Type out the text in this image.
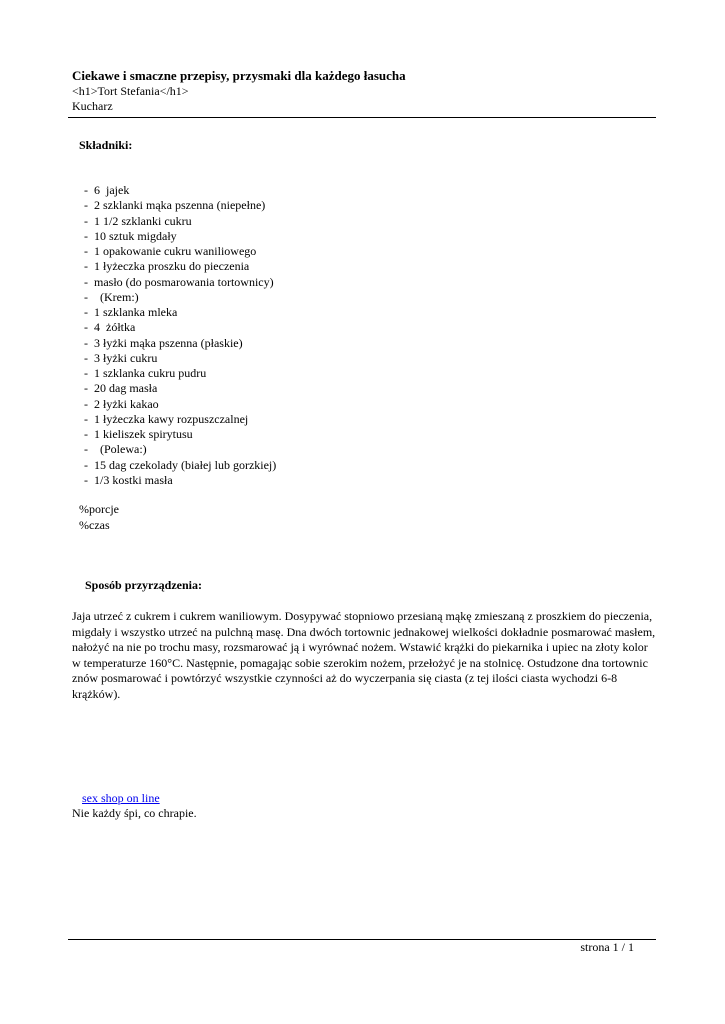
Ciekawe i smaczne przepisy, przysmaki dla każdego łasucha
<h1>Tort Stefania</h1>
Kucharz
Składniki:
-  6  jajek
-  2 szklanki mąka pszenna (niepełne)
-  1 1/2 szklanki cukru
-  10 sztuk migdały
-  1 opakowanie cukru waniliowego
-  1 łyżeczka proszku do pieczenia
-  masło (do posmarowania tortownicy)
-    (Krem:)
-  1 szklanka mleka
-  4  żółtka
-  3 łyżki mąka pszenna (płaskie)
-  3 łyżki cukru
-  1 szklanka cukru pudru
-  20 dag masła
-  2 łyżki kakao
-  1 łyżeczka kawy rozpuszczalnej
-  1 kieliszek spirytusu
-    (Polewa:)
-  15 dag czekolady (białej lub gorzkiej)
-  1/3 kostki masła
%porcje
%czas
Sposób przyrządzenia:

Jaja utrzeć z cukrem i cukrem waniliowym. Dosypywać stopniowo przesianą mąkę zmieszaną z proszkiem do pieczenia, migdały i wszystko utrzeć na pulchną masę. Dna dwóch tortownic jednakowej wielkości dokładnie posmarować masłem, nałożyć na nie po trochu masy, rozsmarować ją i wyrównać nożem. Wstawić krążki do piekarnika i upiec na złoty kolor w temperaturze 160°C. Następnie, pomagając sobie szerokim nożem, przełożyć je na stolnicę. Ostudzone dna tortownic znów posmarować i powtórzyć wszystkie czynności aż do wyczerpania się ciasta (z tej ilości ciasta wychodzi 6-8 krążków).

sex shop on line
Nie każdy śpi, co chrapie.
strona 1 / 1
